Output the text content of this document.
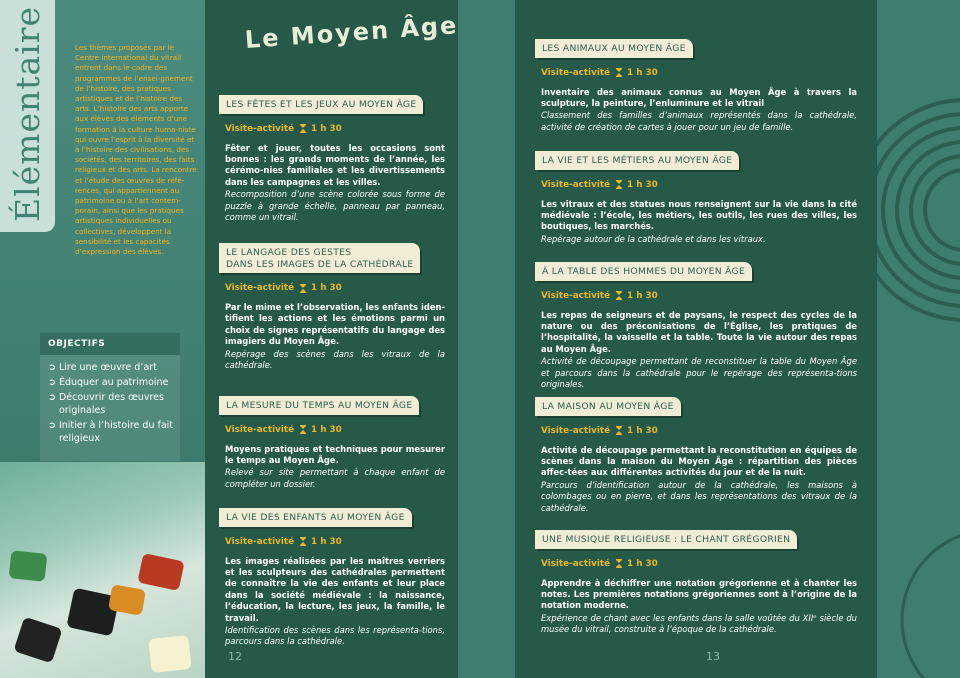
Élémentaire	Les thèmes proposés par le Centre international du vitrail entrent dans le cadre des programmes de l’ensei-gnement de l’histoire, des pratiques artistiques et de l’histoire des arts. L’histoire des arts apporte aux élèves des éléments d’une formation à la culture huma-niste qui ouvre l’esprit à la diversité et à l’histoire des civilisations, des sociétés, des territoires, des faits religieux et des arts. La rencontre et l’étude des œuvres de réfé-rences, qui appartiennent au patrimoine ou à l’art contem-porain, ainsi que les pratiques artistiques individuelles ou collectives, développent la sensibilité et les capacités d’expression des élèves.
OBJECTIFS
➲ Lire une œuvre d’art
➲ Éduquer au patrimoine
➲ Découvrir des œuvres originales
➲ Initier à l’histoire du fait religieux
Le Moyen Âge
LES FÊTES ET LES JEUX AU MOYEN ÂGE
Visite-activité 1 h 30
Fêter et jouer, toutes les occasions sont bonnes : les grands moments de l’année, les cérémo-nies familiales et les divertissements dans les campagnes et les villes.
Recomposition d’une scène colorée sous forme de puzzle à grande échelle, panneau par panneau, comme un vitrail.
LE LANGAGE DES GESTES
DANS LES IMAGES DE LA CATHÉDRALE
Visite-activité 1 h 30
Par le mime et l’observation, les enfants iden-tifient les actions et les émotions parmi un choix de signes représentatifs du langage des imagiers du Moyen Âge.
Repérage des scènes dans les vitraux de la cathédrale.
LA MESURE DU TEMPS AU MOYEN ÂGE
Visite-activité 1 h 30
Moyens pratiques et techniques pour mesurer le temps au Moyen Âge.
Relevé sur site permettant à chaque enfant de compléter un dossier.
LA VIE DES ENFANTS AU MOYEN ÂGE
Visite-activité 1 h 30
Les images réalisées par les maîtres verriers et les sculpteurs des cathédrales permettent de connaître la vie des enfants et leur place dans la société médiévale : la naissance, l’éducation, la lecture, les jeux, la famille, le travail.
Identification des scènes dans les représenta-tions, parcours dans la cathédrale.
12
LES ANIMAUX AU MOYEN ÂGE
Visite-activité 1 h 30
Inventaire des animaux connus au Moyen Âge à travers la sculpture, la peinture, l’enluminure et le vitrail
Classement des familles d’animaux représentés dans la cathédrale, activité de création de cartes à jouer pour un jeu de famille.
LA VIE ET LES MÉTIERS AU MOYEN ÂGE
Visite-activité 1 h 30
Les vitraux et des statues nous renseignent sur la vie dans la cité médiévale : l’école, les métiers, les outils, les rues des villes, les boutiques, les marchés.
Repérage autour de la cathédrale et dans les vitraux.
À LA TABLE DES HOMMES DU MOYEN ÂGE
Visite-activité 1 h 30
Les repas de seigneurs et de paysans, le respect des cycles de la nature ou des préconisations de l’Église, les pratiques de l’hospitalité, la vaisselle et la table. Toute la vie autour des repas au Moyen Âge.
Activité de découpage permettant de reconstituer la table du Moyen Âge et parcours dans la cathédrale pour le repérage des représenta-tions originales.
LA MAISON AU MOYEN ÂGE
Visite-activité 1 h 30
Activité de découpage permettant la reconstitution en équipes de scènes dans la maison du Moyen Âge : répartition des pièces affec-tées aux différentes activités du jour et de la nuit.
Parcours d’identification autour de la cathédrale, les maisons à colombages ou en pierre, et dans les représentations des vitraux de la cathédrale.
UNE MUSIQUE RELIGIEUSE : LE CHANT GRÉGORIEN
Visite-activité 1 h 30
Apprendre à déchiffrer une notation grégorienne et à chanter les notes. Les premières notations grégoriennes sont à l’origine de la notation moderne.
Expérience de chant avec les enfants dans la salle voûtée du XIIᵉ siècle du musée du vitrail, construite à l’époque de la cathédrale.
13
